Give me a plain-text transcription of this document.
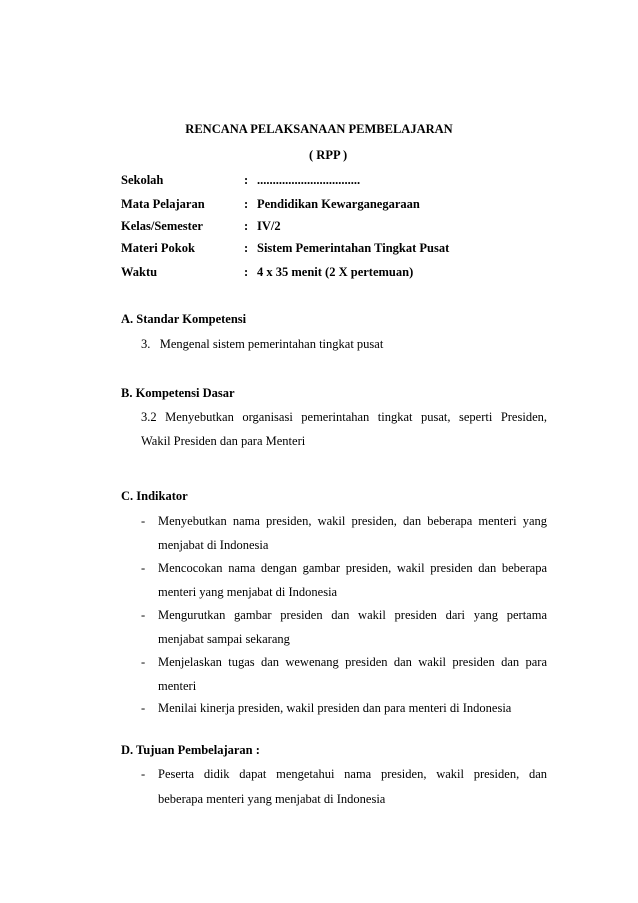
RENCANA PELAKSANAAN PEMBELAJARAN
( RPP )
Sekolah	: .................................
Mata Pelajaran	: Pendidikan Kewarganegaraan
Kelas/Semester	: IV/2
Materi Pokok	: Sistem Pemerintahan Tingkat Pusat
Waktu	: 4 x 35 menit (2 X pertemuan)
A. Standar Kompetensi
3.   Mengenal sistem pemerintahan tingkat pusat
B. Kompetensi Dasar
3.2 Menyebutkan organisasi pemerintahan tingkat pusat, seperti Presiden,
Wakil Presiden dan para Menteri
C. Indikator
- Menyebutkan nama presiden, wakil presiden, dan beberapa menteri yang
menjabat di Indonesia
- Mencocokan nama dengan gambar presiden, wakil presiden dan beberapa
menteri yang menjabat di Indonesia
- Mengurutkan gambar presiden dan wakil presiden dari yang pertama
menjabat sampai sekarang
- Menjelaskan tugas dan wewenang presiden dan wakil presiden dan para
menteri
- Menilai kinerja presiden, wakil presiden dan para menteri di Indonesia
D. Tujuan Pembelajaran :
- Peserta didik dapat mengetahui nama presiden, wakil presiden, dan
beberapa menteri yang menjabat di Indonesia
